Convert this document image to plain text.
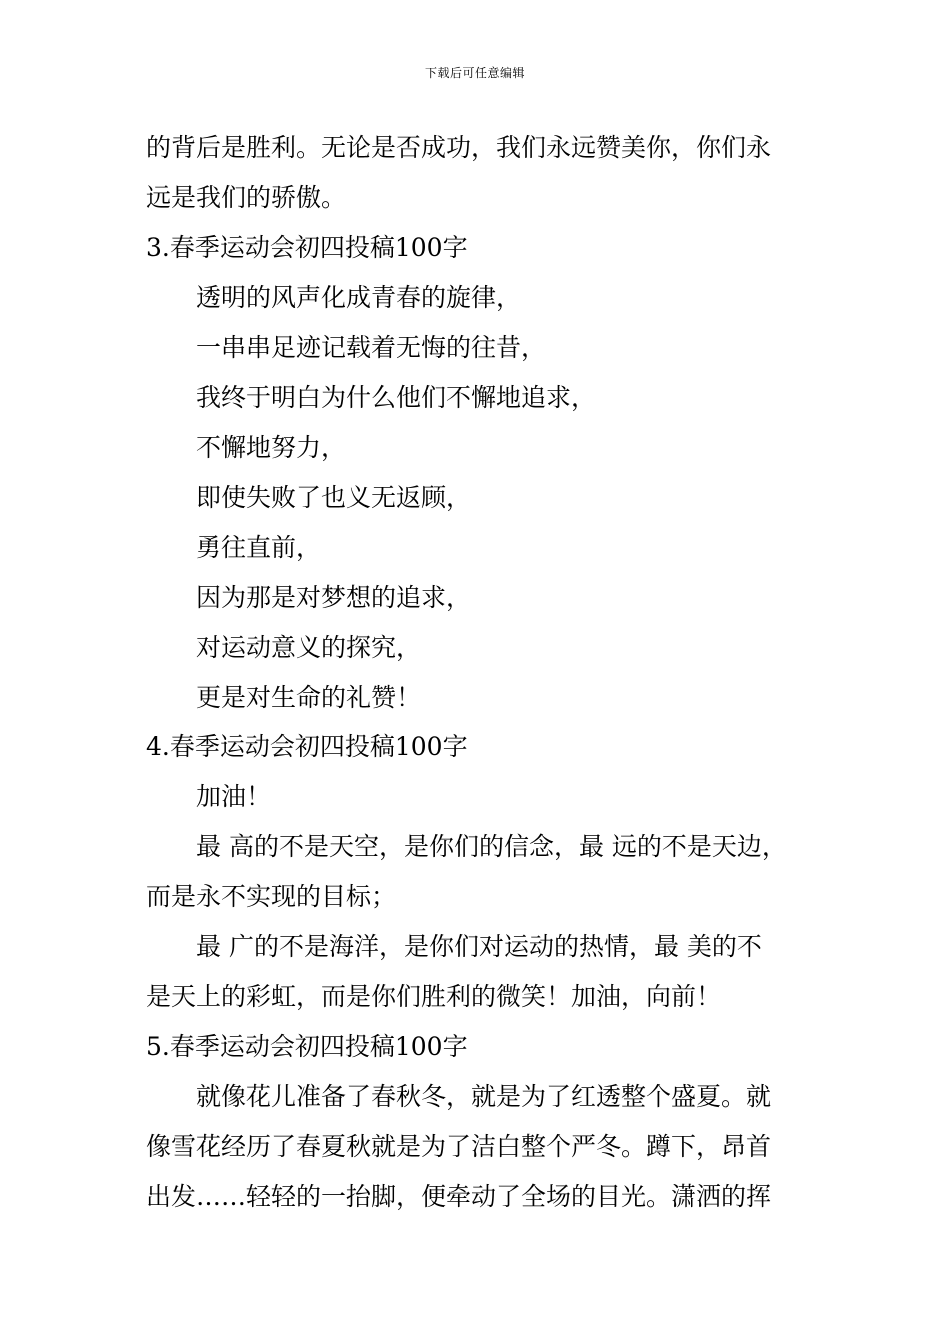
下载后可任意编辑
的背后是胜利。无论是否成功，我们永远赞美你，你们永
远是我们的骄傲。
3.春季运动会初四投稿100字
透明的风声化成青春的旋律，
一串串足迹记载着无悔的往昔，
我终于明白为什么他们不懈地追求，
不懈地努力，
即使失败了也义无返顾，
勇往直前，
因为那是对梦想的追求，
对运动意义的探究，
更是对生命的礼赞！
4.春季运动会初四投稿100字
加油！
最 高的不是天空，是你们的信念，最 远的不是天边，
而是永不实现的目标；
最 广的不是海洋，是你们对运动的热情，最 美的不
是天上的彩虹，而是你们胜利的微笑！加油，向前！
5.春季运动会初四投稿100字
就像花儿准备了春秋冬，就是为了红透整个盛夏。就
像雪花经历了春夏秋就是为了洁白整个严冬。蹲下，昂首
出发……轻轻的一抬脚，便牵动了全场的目光。潇洒的挥
